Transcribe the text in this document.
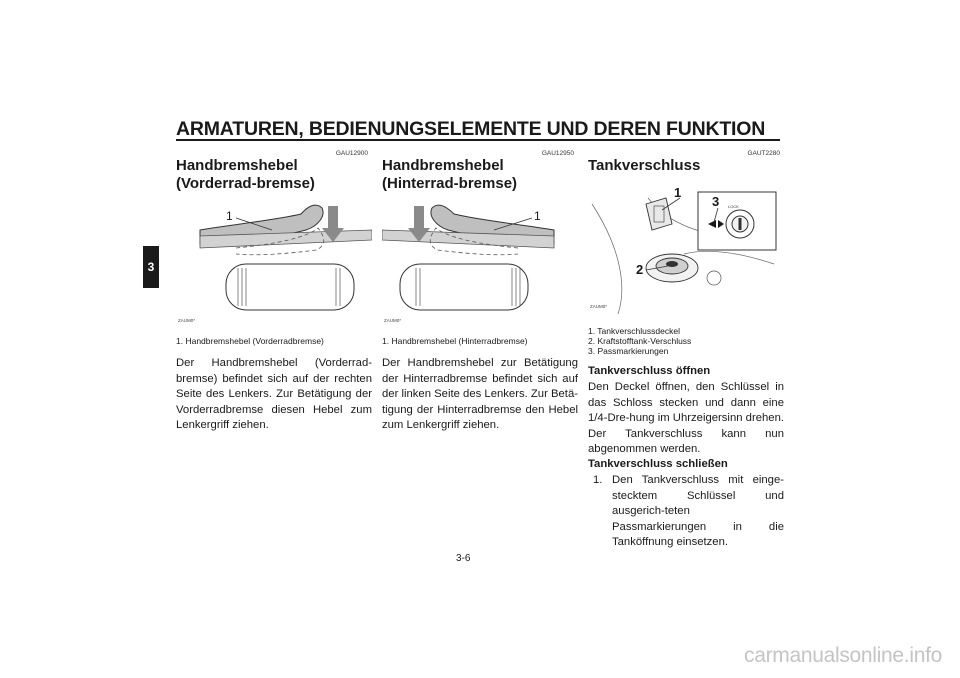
ARMATUREN, BEDIENUNGSELEMENTE UND DEREN FUNKTION
3
GAU12900
Handbremshebel (Vorderrad-bremse)
1
ZAUM0*
1. Handbremshebel (Vorderradbremse)
Der Handbremshebel (Vorderrad-bremse) befindet sich auf der rechten Seite des Lenkers. Zur Betätigung der Vorderradbremse diesen Hebel zum Lenkergriff ziehen.
GAU12950
Handbremshebel (Hinterrad-bremse)
1
ZAUM0*
1. Handbremshebel (Hinterradbremse)
Der Handbremshebel zur Betätigung der Hinterradbremse befindet sich auf der linken Seite des Lenkers. Zur Betä-tigung der Hinterradbremse den Hebel zum Lenkergriff ziehen.
GAUT2280
Tankverschluss
LOCK
1
2
3
ZAUM0*
1. Tankverschlussdeckel
2. Kraftstofftank-Verschluss
3. Passmarkierungen
Tankverschluss öffnen
Den Deckel öffnen, den Schlüssel in das Schloss stecken und dann eine 1/4-Dre-hung im Uhrzeigersinn drehen. Der Tankverschluss kann nun abgenommen werden.
Tankverschluss schließen
1. Den Tankverschluss mit einge-stecktem Schlüssel und ausgerich-teten Passmarkierungen in die Tanköffnung einsetzen.
3-6
carmanualsonline.info
